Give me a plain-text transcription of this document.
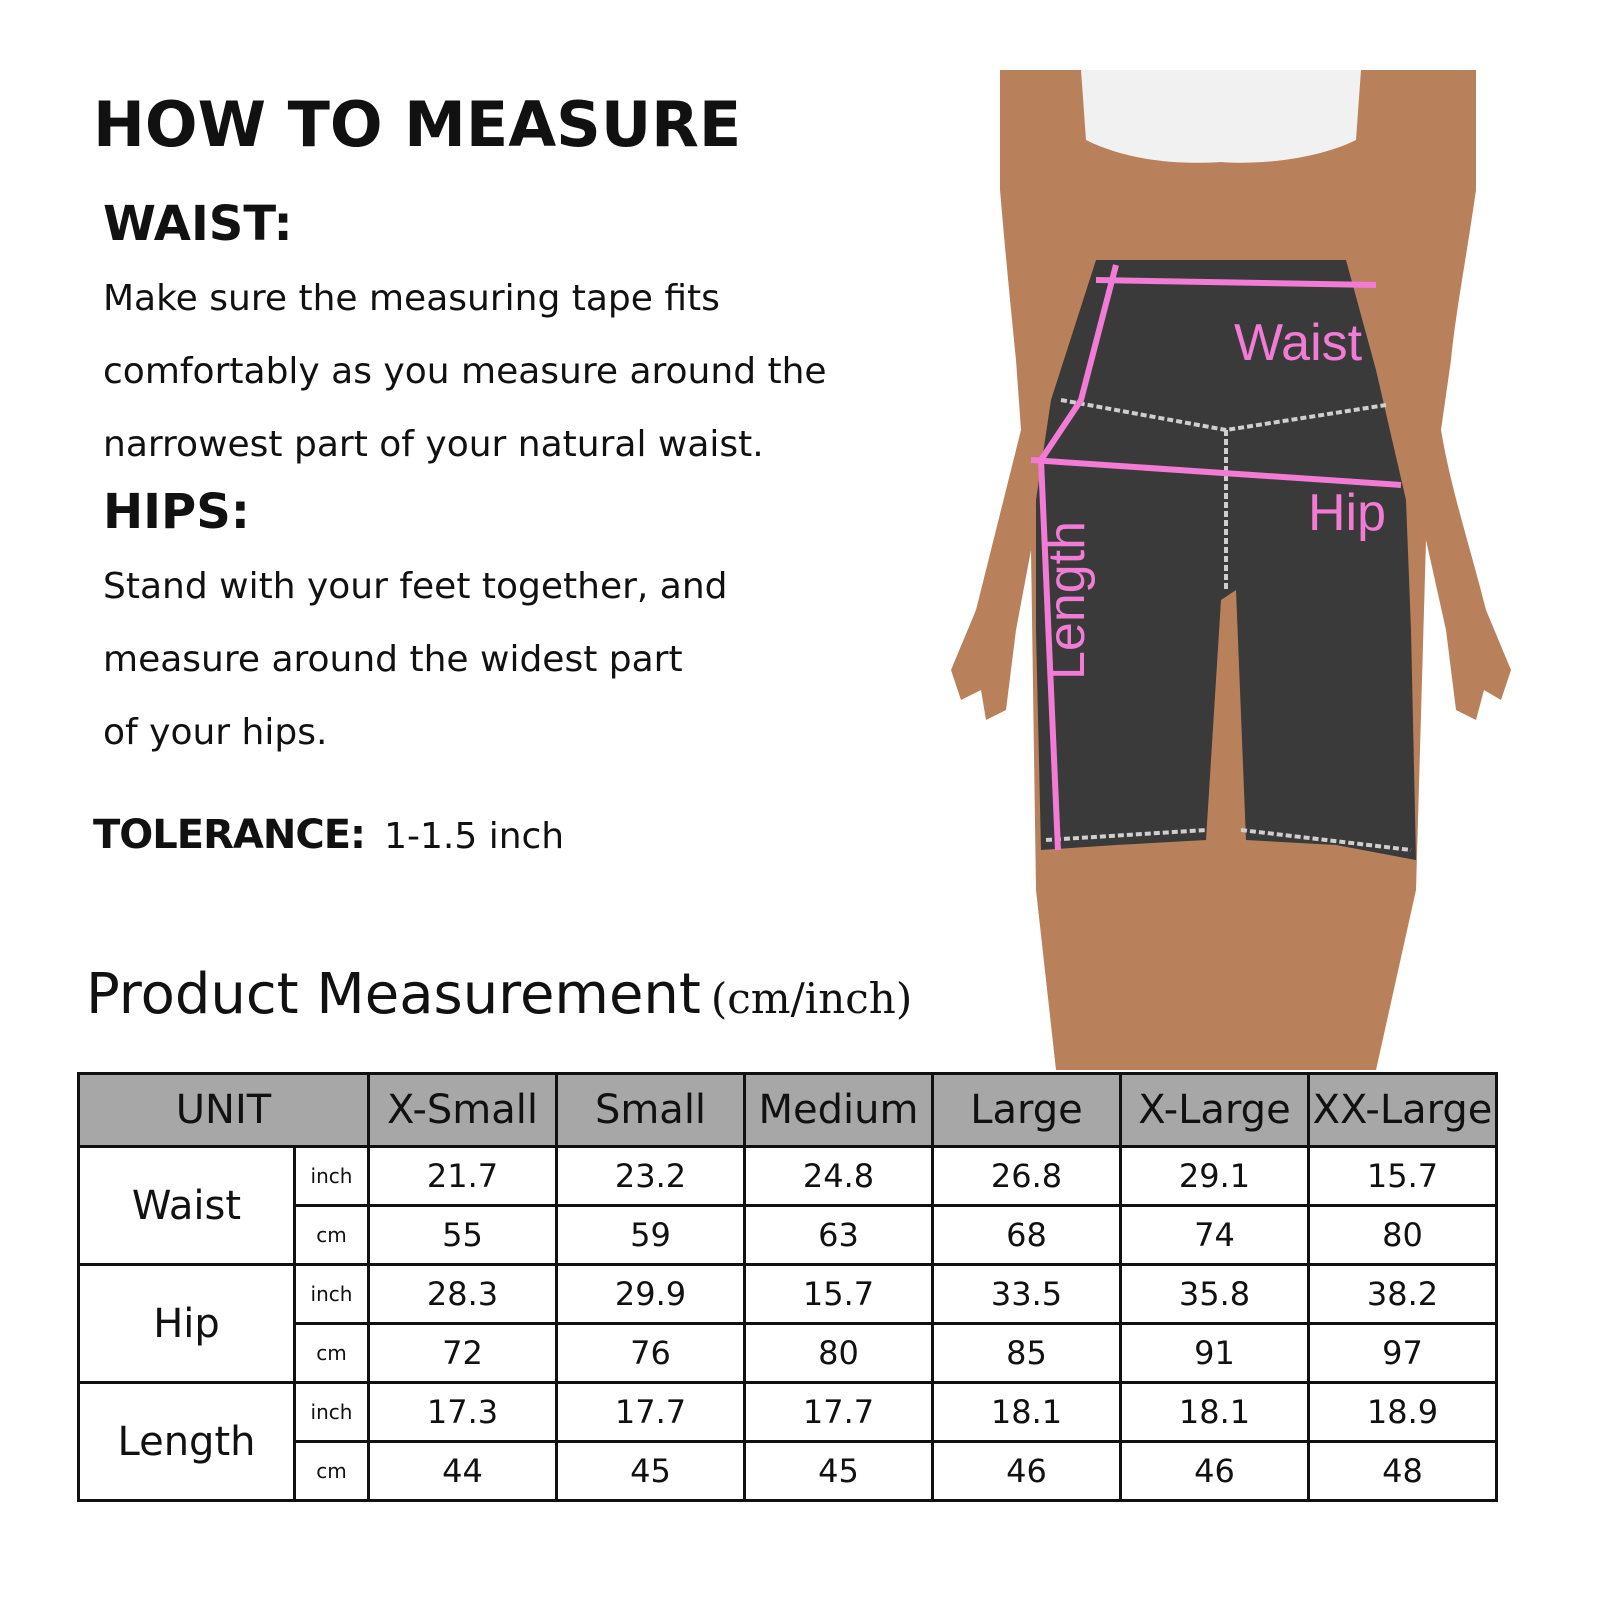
HOW TO MEASURE
WAIST:
Make sure the measuring tape fits
comfortably as you measure around the
narrowest part of your natural waist.
HIPS:
Stand with your feet together, and
measure around the widest part
of your hips.
TOLERANCE: 1-1.5 inch
Waist
Hip
Length
Product Measurement (cm/inch)
UNIT		X-Small	Small	Medium	Large	X-Large	XX-Large
Waist	inch	21.7	23.2	24.8	26.8	29.1	15.7
	cm	55	59	63	68	74	80
Hip	inch	28.3	29.9	15.7	33.5	35.8	38.2
	cm	72	76	80	85	91	97
Length	inch	17.3	17.7	17.7	18.1	18.1	18.9
	cm	44	45	45	46	46	48
